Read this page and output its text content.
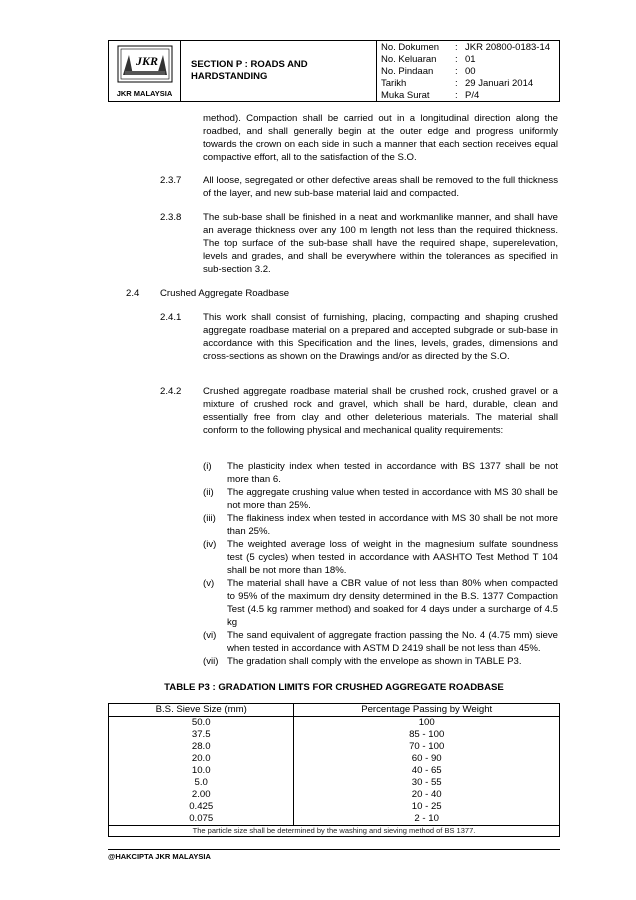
JKR
JKR MALAYSIA
SECTION P : ROADS AND
HARDSTANDING
No. Dokumen	: JKR 20800-0183-14
No. Keluaran	: 01
No. Pindaan	: 00
Tarikh	: 29 Januari 2014
Muka Surat	: P/4
method). Compaction shall be carried out in a longitudinal direction along the roadbed, and shall generally begin at the outer edge and progress uniformly towards the crown on each side in such a manner that each section receives equal compactive effort, all to the satisfaction of the S.O.
2.3.7 All loose, segregated or other defective areas shall be removed to the full thickness of the layer, and new sub-base material laid and compacted.
2.3.8 The sub-base shall be finished in a neat and workmanlike manner, and shall have an average thickness over any 100 m length not less than the required thickness. The top surface of the sub-base shall have the required shape, superelevation, levels and grades, and shall be everywhere within the tolerances as specified in sub-section 3.2.
2.4 Crushed Aggregate Roadbase
2.4.1 This work shall consist of furnishing, placing, compacting and shaping crushed aggregate roadbase material on a prepared and accepted subgrade or sub-base in accordance with this Specification and the lines, levels, grades, dimensions and cross-sections as shown on the Drawings and/or as directed by the S.O.
2.4.2 Crushed aggregate roadbase material shall be crushed rock, crushed gravel or a mixture of crushed rock and gravel, which shall be hard, durable, clean and essentially free from clay and other deleterious materials. The material shall conform to the following physical and mechanical quality requirements:
(i)	The plasticity index when tested in accordance with BS 1377 shall be not more than 6.
(ii)	The aggregate crushing value when tested in accordance with MS 30 shall be not more than 25%.
(iii)	The flakiness index when tested in accordance with MS 30 shall be not more than 25%.
(iv)	The weighted average loss of weight in the magnesium sulfate soundness test (5 cycles) when tested in accordance with AASHTO Test Method T 104 shall be not more than 18%.
(v)	The material shall have a CBR value of not less than 80% when compacted to 95% of the maximum dry density determined in the B.S. 1377 Compaction Test (4.5 kg rammer method) and soaked for 4 days under a surcharge of 4.5 kg
(vi)	The sand equivalent of aggregate fraction passing the No. 4 (4.75 mm) sieve when tested in accordance with ASTM D 2419 shall be not less than 45%.
(vii) The gradation shall comply with the envelope as shown in TABLE P3.
TABLE P3 : GRADATION LIMITS FOR CRUSHED AGGREGATE ROADBASE
B.S. Sieve Size (mm)	Percentage Passing by Weight
50.0	100
37.5	85 - 100
28.0	70 - 100
20.0	60 - 90
10.0	40 - 65
5.0	30 - 55
2.00	20 - 40
0.425	10 - 25
0.075	2 - 10
The particle size shall be determined by the washing and sieving method of BS 1377.	
@HAKCIPTA JKR MALAYSIA
